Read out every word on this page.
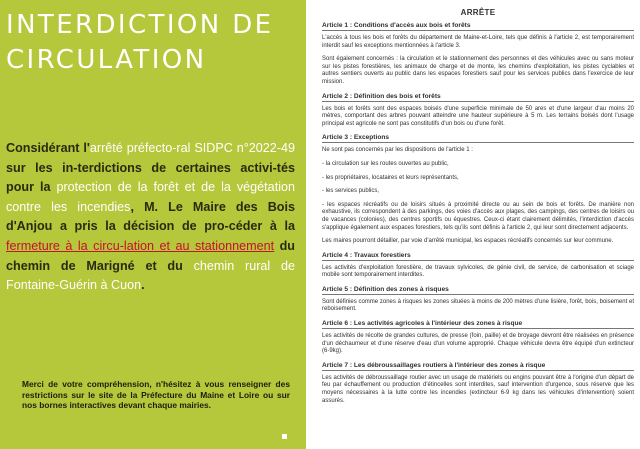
INTERDICTION DE
CIRCULATION
Considérant l'arrêté préfecto-ral SIDPC n°2022-49 sur les in-terdictions de certaines activi-tés pour la protection de la forêt et de la végétation contre les incendies, M. Le Maire des Bois d'Anjou a pris la décision de pro-céder à la fermeture à la circu-lation et au stationnement du chemin de Marigné et du chemin rural de Fontaine-Guérin à Cuon.
Merci de votre compréhension, n'hésitez à vous renseigner des restrictions sur le site de la Préfecture du Maine et Loire ou sur nos bornes interactives devant chaque mairies.
ARRÊTE
Article 1 : Conditions d'accès aux bois et forêts

L'accès à tous les bois et forêts du département de Maine-et-Loire, tels que définis à l'article 2, est temporairement interdit sauf les exceptions mentionnées à l'article 3.

Sont également concernés : la circulation et le stationnement des personnes et des véhicules avec ou sans moteur sur les pistes forestières, les animaux de charge et de monte, les chemins d'exploitation, les pistes cyclables et autres sentiers ouverts au public dans les espaces forestiers sauf pour les services publics dans l'exercice de leur mission.

Article 2 : Définition des bois et forêts

Les bois et forêts sont des espaces boisés d'une superficie minimale de 50 ares et d'une largeur d'au moins 20 mètres, comportant des arbres pouvant atteindre une hauteur supérieure à 5 m. Les terrains boisés dont l'usage principal est agricole ne sont pas constitutifs d'un bois ou d'une forêt.

Article 3 : Exceptions

Ne sont pas concernés par les dispositions de l'article 1 :

- la circulation sur les routes ouvertes au public,

- les propriétaires, locataires et leurs représentants,

- les services publics,

- les espaces récréatifs ou de loisirs situés à proximité directe ou au sein de bois et forêts. De manière non exhaustive, ils correspondent à des parkings, des voies d'accès aux plages, des campings, des centres de loisirs ou de vacances (colonies), des centres sportifs ou équestres. Ceux-ci étant clairement délimités, l'interdiction d'accès s'applique également aux espaces forestiers, tels qu'ils sont définis à l'article 2, qui leur sont directement adjacents.

Les maires pourront détailler, par voie d'arrêté municipal, les espaces récréatifs concernés sur leur commune.

Article 4 : Travaux forestiers

Les activités d'exploitation forestière, de travaux sylvicoles, de génie civil, de service, de carbonisation et sciage mobile sont temporairement interdites.

Article 5 : Définition des zones à risques

Sont définies comme zones à risques les zones situées à moins de 200 mètres d'une lisière, forêt, bois, boisement et reboisement.

Article 6 : Les activités agricoles à l'intérieur des zones à risque

Les activités de récolte de grandes cultures, de presse (foin, paille) et de broyage devront être réalisées en présence d'un déchaumeur et d'une réserve d'eau d'un volume approprié. Chaque véhicule devra être équipé d'un extincteur (6-9kg).

Article 7 : Les débroussaillages routiers à l'intérieur des zones à risque

Les activités de débroussaillage routier avec un usage de matériels ou engins pouvant être à l'origine d'un départ de feu par échauffement ou production d'étincelles sont interdites, sauf intervention d'urgence, sous réserve que les moyens nécessaires à la lutte contre les incendies (extincteur 6-9 kg dans les véhicules d'intervention) soient assurés.
